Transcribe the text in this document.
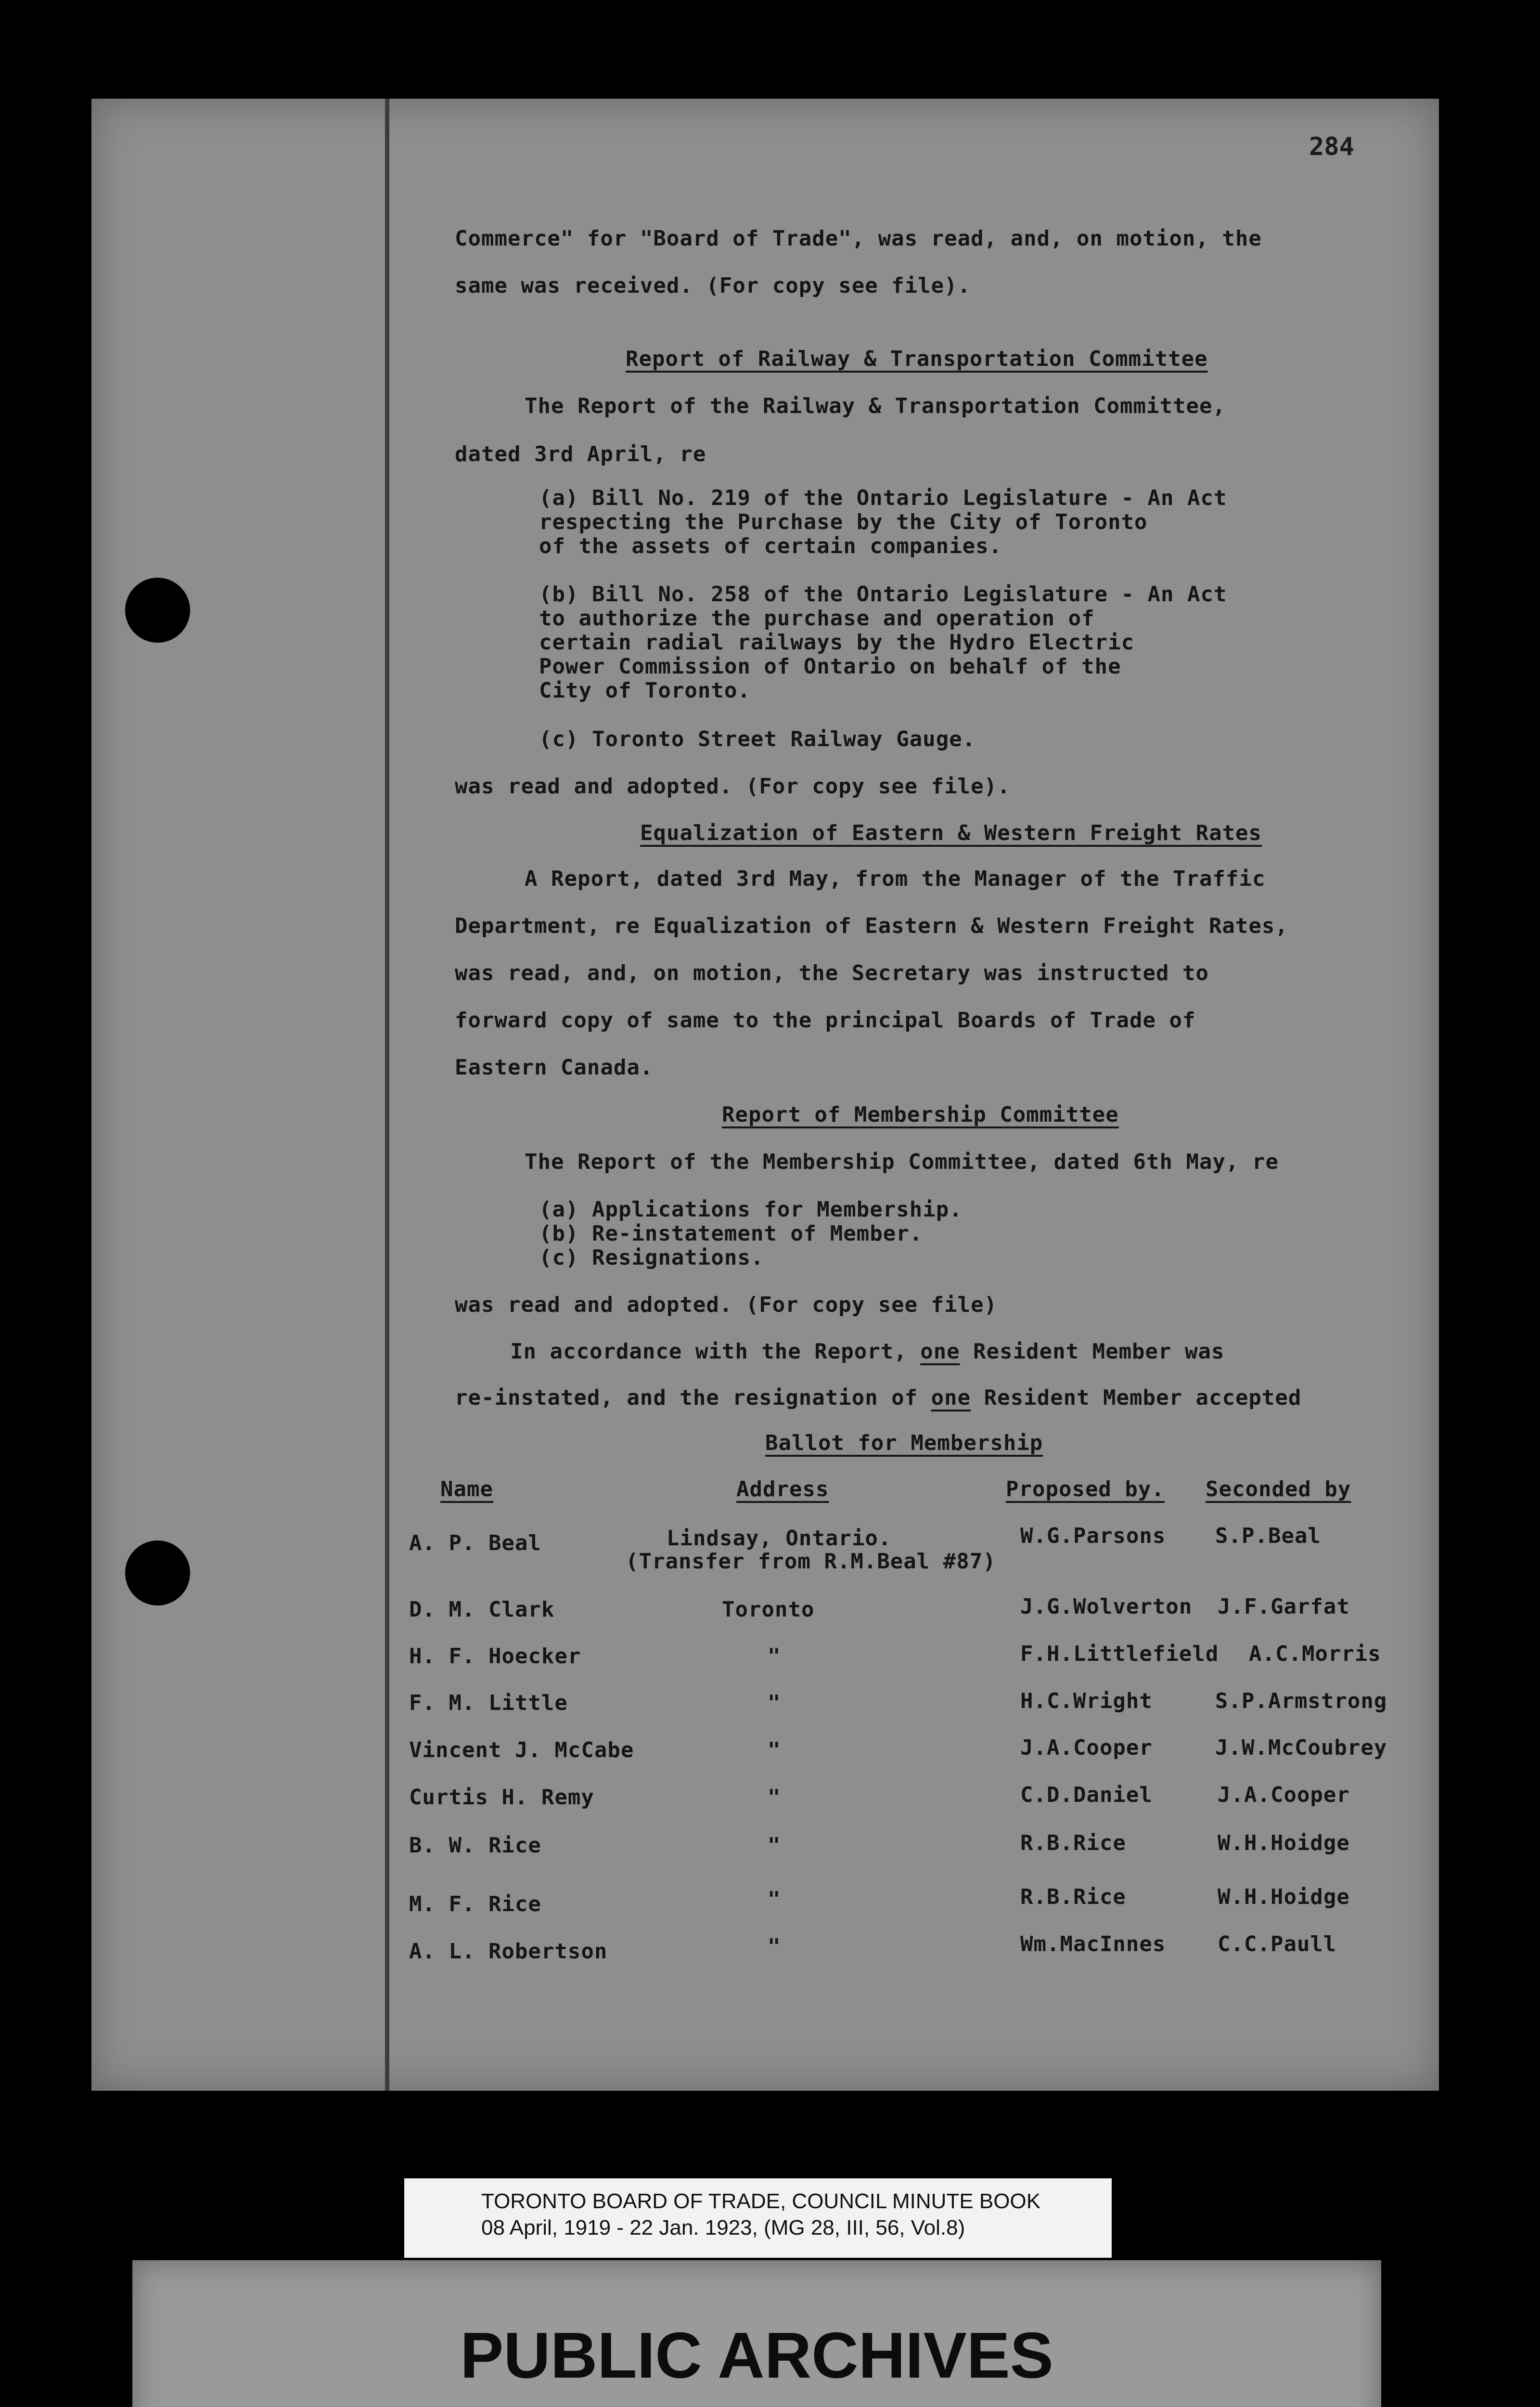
284
Commerce" for "Board of Trade", was read, and, on motion, the
same was received. (For copy see file).
Report of Railway & Transportation Committee
The Report of the Railway & Transportation Committee,
dated 3rd April, re
(a) Bill No. 219 of the Ontario Legislature - An Act
respecting the Purchase by the City of Toronto
of the assets of certain companies.
(b) Bill No. 258 of the Ontario Legislature - An Act
to authorize the purchase and operation of
certain radial railways by the Hydro Electric
Power Commission of Ontario on behalf of the
City of Toronto.
(c) Toronto Street Railway Gauge.
was read and adopted. (For copy see file).
Equalization of Eastern & Western Freight Rates
A Report, dated 3rd May, from the Manager of the Traffic
Department, re Equalization of Eastern & Western Freight Rates,
was read, and, on motion, the Secretary was instructed to
forward copy of same to the principal Boards of Trade of
Eastern Canada.
Report of Membership Committee
The Report of the Membership Committee, dated 6th May, re
(a) Applications for Membership.
(b) Re-instatement of Member.
(c) Resignations.
was read and adopted. (For copy see file)
In accordance with the Report, one Resident Member was
re-instated, and the resignation of one Resident Member accepted
Ballot for Membership
Name	Address	Proposed by. Seconded by
A. P. Beal	Lindsay, Ontario.
(Transfer from R.M.Beal #87)
W.G.Parsons S.P.Beal
D. M. Clark	Toronto	J.G.Wolverton J.F.Garfat
H. F. Hoecker	"	F.H.Littlefield A.C.Morris
F. M. Little	"	H.C.Wright	S.P.Armstrong
Vincent J. McCabe	"	J.A.Cooper	J.W.McCoubrey
Curtis H. Remy	"	C.D.Daniel	J.A.Cooper
B. W. Rice	"	R.B.Rice	W.H.Hoidge
M. F. Rice	"	R.B.Rice	W.H.Hoidge
A. L. Robertson	"	Wm.MacInnes C.C.Paull
TORONTO BOARD OF TRADE, COUNCIL MINUTE BOOK
08 April, 1919 - 22 Jan. 1923, (MG 28, III, 56, Vol.8)
PUBLIC ARCHIVES
